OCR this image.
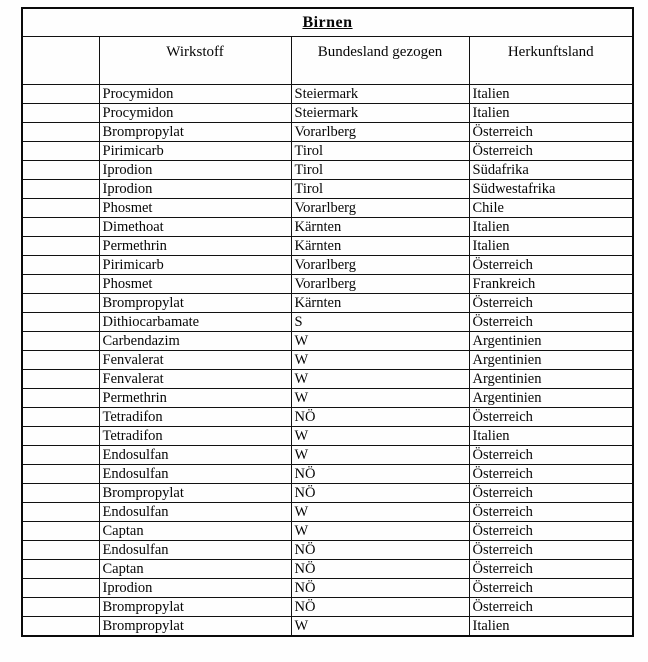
Birnen			
	Wirkstoff	Bundesland gezogen	Herkunftsland
	Procymidon	Steiermark	Italien
	Procymidon	Steiermark	Italien
	Brompropylat	Vorarlberg	Österreich
	Pirimicarb	Tirol	Österreich
	Iprodion	Tirol	Südafrika
	Iprodion	Tirol	Südwestafrika
	Phosmet	Vorarlberg	Chile
	Dimethoat	Kärnten	Italien
	Permethrin	Kärnten	Italien
	Pirimicarb	Vorarlberg	Österreich
	Phosmet	Vorarlberg	Frankreich
	Brompropylat	Kärnten	Österreich
	Dithiocarbamate	S	Österreich
	Carbendazim	W	Argentinien
	Fenvalerat	W	Argentinien
	Fenvalerat	W	Argentinien
	Permethrin	W	Argentinien
	Tetradifon	NÖ	Österreich
	Tetradifon	W	Italien
	Endosulfan	W	Österreich
	Endosulfan	NÖ	Österreich
	Brompropylat	NÖ	Österreich
	Endosulfan	W	Österreich
	Captan	W	Österreich
	Endosulfan	NÖ	Österreich
	Captan	NÖ	Österreich
	Iprodion	NÖ	Österreich
	Brompropylat	NÖ	Österreich
	Brompropylat	W	Italien
